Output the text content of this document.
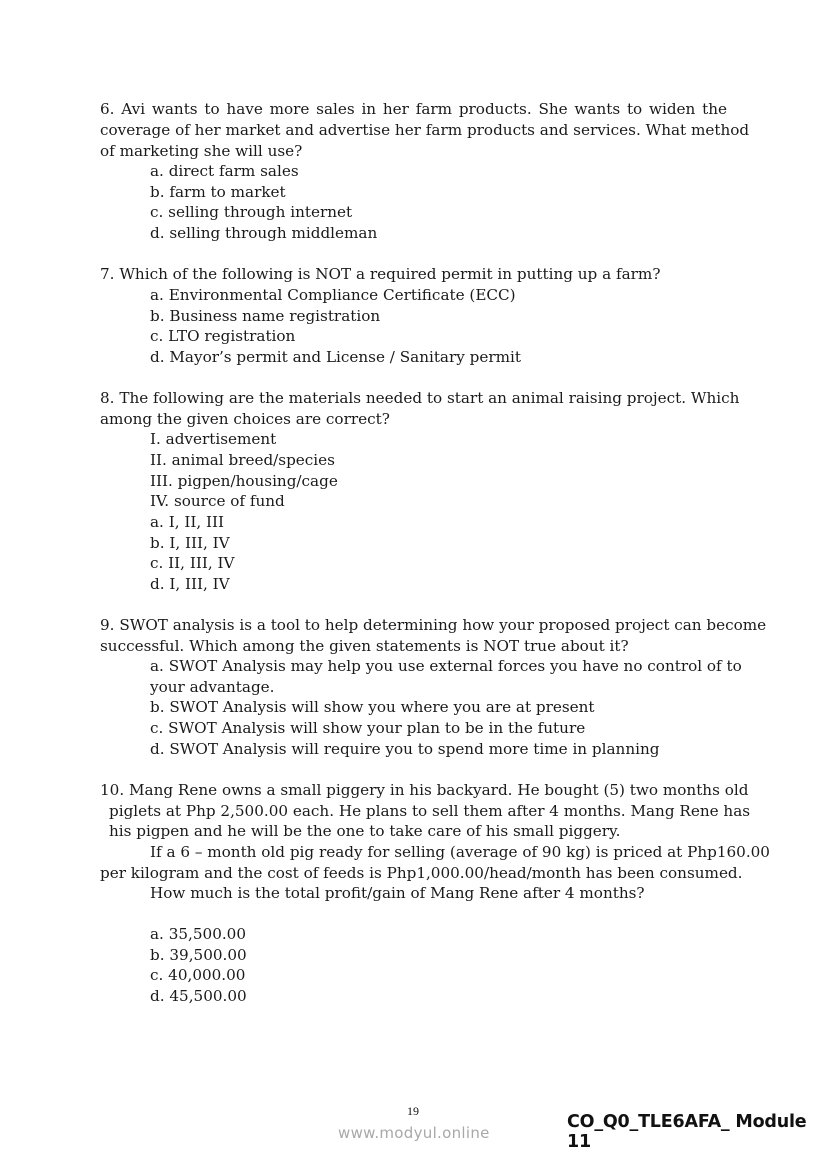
6. Avi wants to have more sales in her farm products. She wants to widen the
coverage of her market and advertise her farm products and services. What method
of marketing she will use?
a. direct farm sales
b. farm to market
c. selling through internet
d. selling through middleman
7. Which of the following is NOT a required permit in putting up a farm?
a. Environmental Compliance Certificate (ECC)
b. Business name registration
c. LTO registration
d. Mayor’s permit and License / Sanitary permit
8. The following are the materials needed to start an animal raising project. Which
among the given choices are correct?
I. advertisement
II. animal breed/species
III. pigpen/housing/cage
IV. source of fund
a. I, II, III
b. I, III, IV
c. II, III, IV
d. I, III, IV
9. SWOT analysis is a tool to help determining how your proposed project can become
successful. Which among the given statements is NOT true about it?
a. SWOT Analysis may help you use external forces you have no control of to
your advantage.
b. SWOT Analysis will show you where you are at present
c. SWOT Analysis will show your plan to be in the future
d. SWOT Analysis will require you to spend more time in planning
10. Mang Rene owns a small piggery in his backyard. He bought (5) two months old
piglets at Php 2,500.00 each. He plans to sell them after 4 months. Mang Rene has
his pigpen and he will be the one to take care of his small piggery.
If a 6 – month old pig ready for selling (average of 90 kg) is priced at Php160.00
per kilogram and the cost of feeds is Php1,000.00/head/month has been consumed.
How much is the total profit/gain of Mang Rene after 4 months?
a. 35,500.00
b. 39,500.00
c. 40,000.00
d. 45,500.00
19
www.modyul.online
CO_Q0_TLE6AFA_ Module 11
